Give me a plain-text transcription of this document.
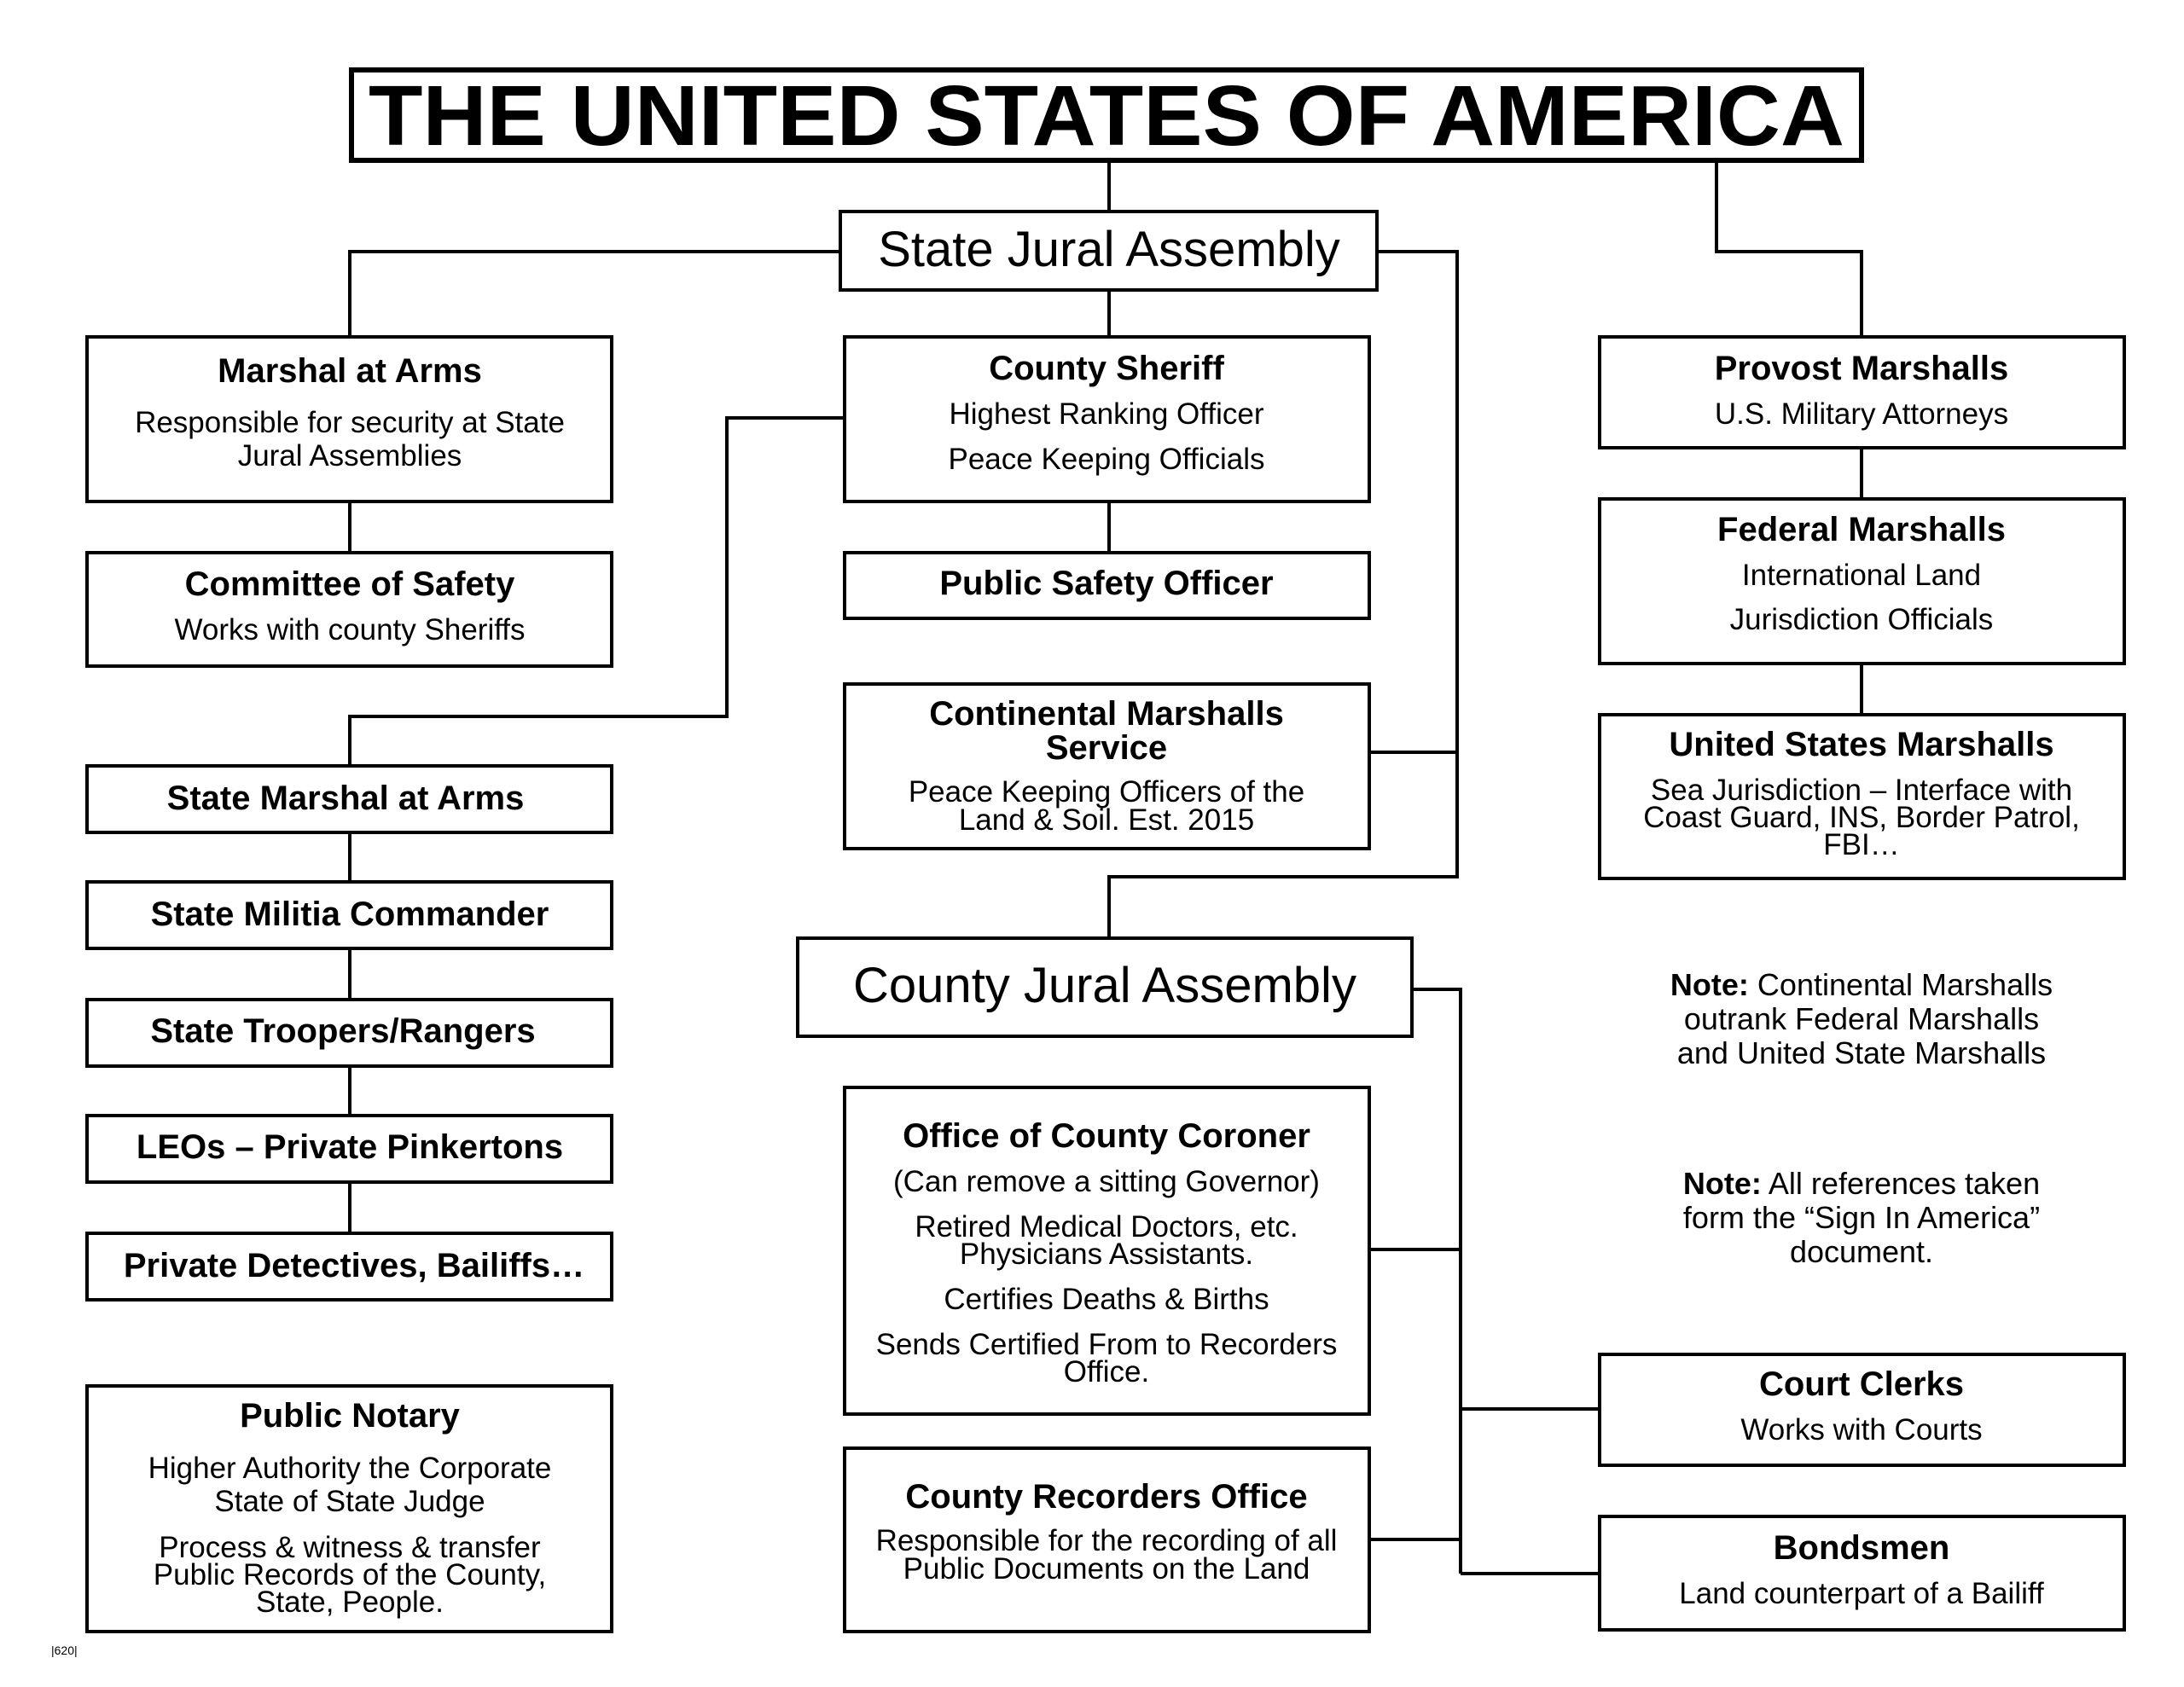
THE UNITED STATES OF AMERICA
State Jural Assembly
County Sheriff
Highest Ranking Officer
Peace Keeping Officials
Public Safety Officer
Continental Marshalls
Service
Peace Keeping Officers of the
Land & Soil. Est. 2015
County Jural Assembly
Office of County Coroner
(Can remove a sitting Governor)
Retired Medical Doctors, etc.
Physicians Assistants.
Certifies Deaths & Births
Sends Certified From to Recorders
Office.
County Recorders Office
Responsible for the recording of all
Public Documents on the Land
Marshal at Arms
Responsible for security at State
Jural Assemblies
Committee of Safety
Works with county Sheriffs
State Marshal at Arms
State Militia Commander
State Troopers/Rangers
LEOs – Private Pinkertons
Private Detectives, Bailiffs…
Public Notary
Higher Authority the Corporate
State of State Judge
Process & witness & transfer
Public Records of the County,
State, People.
Provost Marshalls
U.S. Military Attorneys
Federal Marshalls
International Land
Jurisdiction Officials
United States Marshalls
Sea Jurisdiction – Interface with
Coast Guard, INS, Border Patrol,
FBI…
Note: Continental Marshalls
outrank Federal Marshalls
and United State Marshalls
Note: All references taken
form the “Sign In America”
document.
Court Clerks
Works with Courts
Bondsmen
Land counterpart of a Bailiff
|620|
